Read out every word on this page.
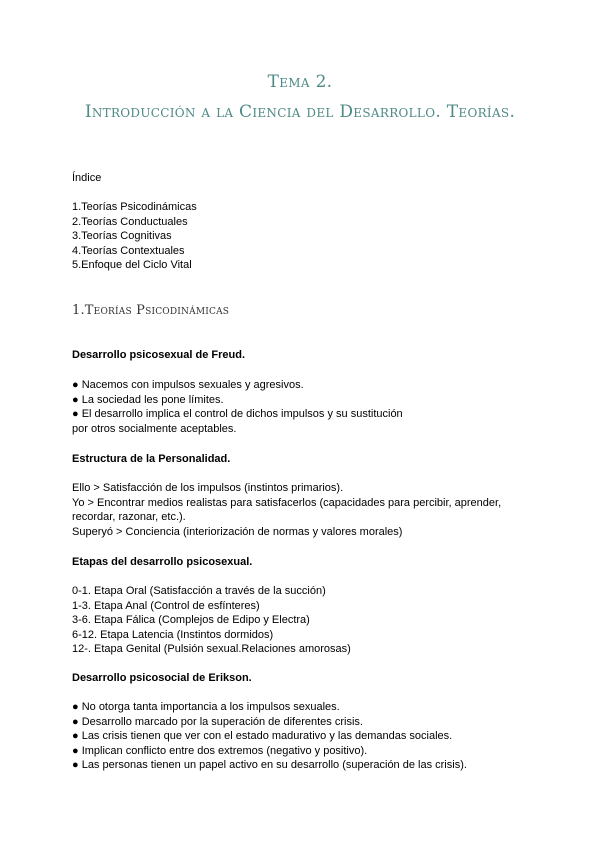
Tema 2.
Introducción a la Ciencia del Desarrollo. Teorías.
Índice
1.Teorías Psicodinámicas
2.Teorías Conductuales
3.Teorías Cognitivas
4.Teorías Contextuales
5.Enfoque del Ciclo Vital
1.Teorías Psicodinámicas
Desarrollo psicosexual de Freud.
● Nacemos con impulsos sexuales y agresivos.
● La sociedad les pone límites.
● El desarrollo implica el control de dichos impulsos y su sustitución
por otros socialmente aceptables.
Estructura de la Personalidad.
Ello > Satisfacción de los impulsos (instintos primarios).
Yo > Encontrar medios realistas para satisfacerlos (capacidades para percibir, aprender,
recordar, razonar, etc.).
Superyó > Conciencia (interiorización de normas y valores morales)
Etapas del desarrollo psicosexual.
0-1. Etapa Oral (Satisfacción a través de la succión)
1-3. Etapa Anal (Control de esfínteres)
3-6. Etapa Fálica (Complejos de Edipo y Electra)
6-12. Etapa Latencia (Instintos dormidos)
12-. Etapa Genital (Pulsión sexual.Relaciones amorosas)
Desarrollo psicosocial de Erikson.
● No otorga tanta importancia a los impulsos sexuales.
● Desarrollo marcado por la superación de diferentes crisis.
● Las crisis tienen que ver con el estado madurativo y las demandas sociales.
● Implican conflicto entre dos extremos (negativo y positivo).
● Las personas tienen un papel activo en su desarrollo (superación de las crisis).
